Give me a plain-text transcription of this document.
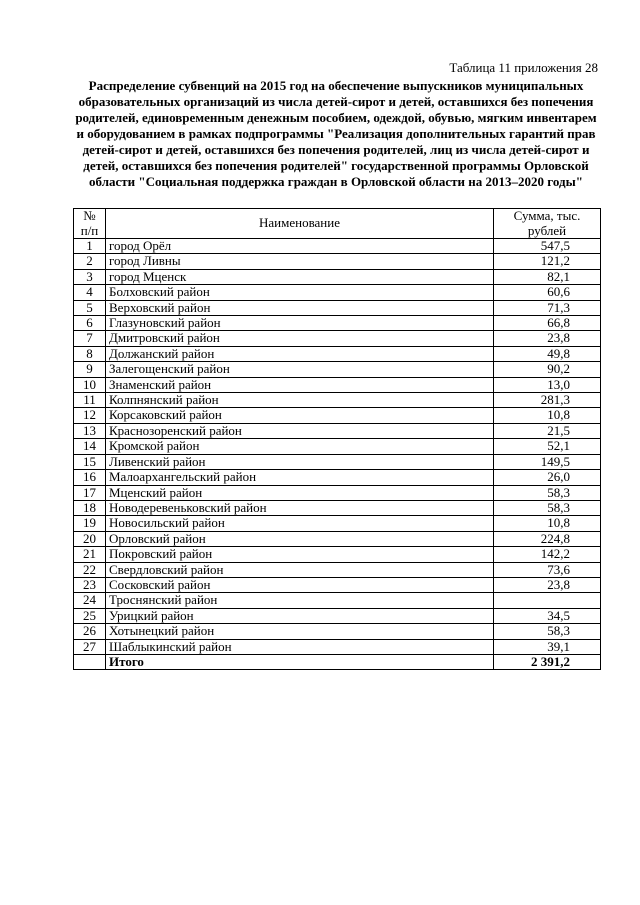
Таблица 11 приложения 28
Распределение субвенций на 2015 год на обеспечение выпускников муниципальных образовательных организаций из числа детей-сирот и детей, оставшихся без попечения родителей, единовременным денежным пособием, одеждой, обувью, мягким инвентарем и оборудованием в рамках подпрограммы "Реализация дополнительных гарантий прав детей-сирот и детей, оставшихся без попечения родителей, лиц из числа детей-сирот и детей, оставшихся без попечения родителей" государственной программы Орловской области "Социальная поддержка граждан в Орловской области на 2013–2020 годы"
№ п/п	Наименование	Сумма, тыс. рублей
1	город Орёл	547,5
2	город Ливны	121,2
3	город Мценск	82,1
4	Болховский район	60,6
5	Верховский район	71,3
6	Глазуновский район	66,8
7	Дмитровский район	23,8
8	Должанский район	49,8
9	Залегощенский район	90,2
10	Знаменский район	13,0
11	Колпнянский район	281,3
12	Корсаковский район	10,8
13	Краснозоренский район	21,5
14	Кромской район	52,1
15	Ливенский район	149,5
16	Малоархангельский район	26,0
17	Мценский район	58,3
18	Новодеревеньковский район	58,3
19	Новосильский район	10,8
20	Орловский район	224,8
21	Покровский район	142,2
22	Свердловский район	73,6
23	Сосковский район	23,8
24	Троснянский район	
25	Урицкий район	34,5
26	Хотынецкий район	58,3
27	Шаблыкинский район	39,1
	Итого	2 391,2
